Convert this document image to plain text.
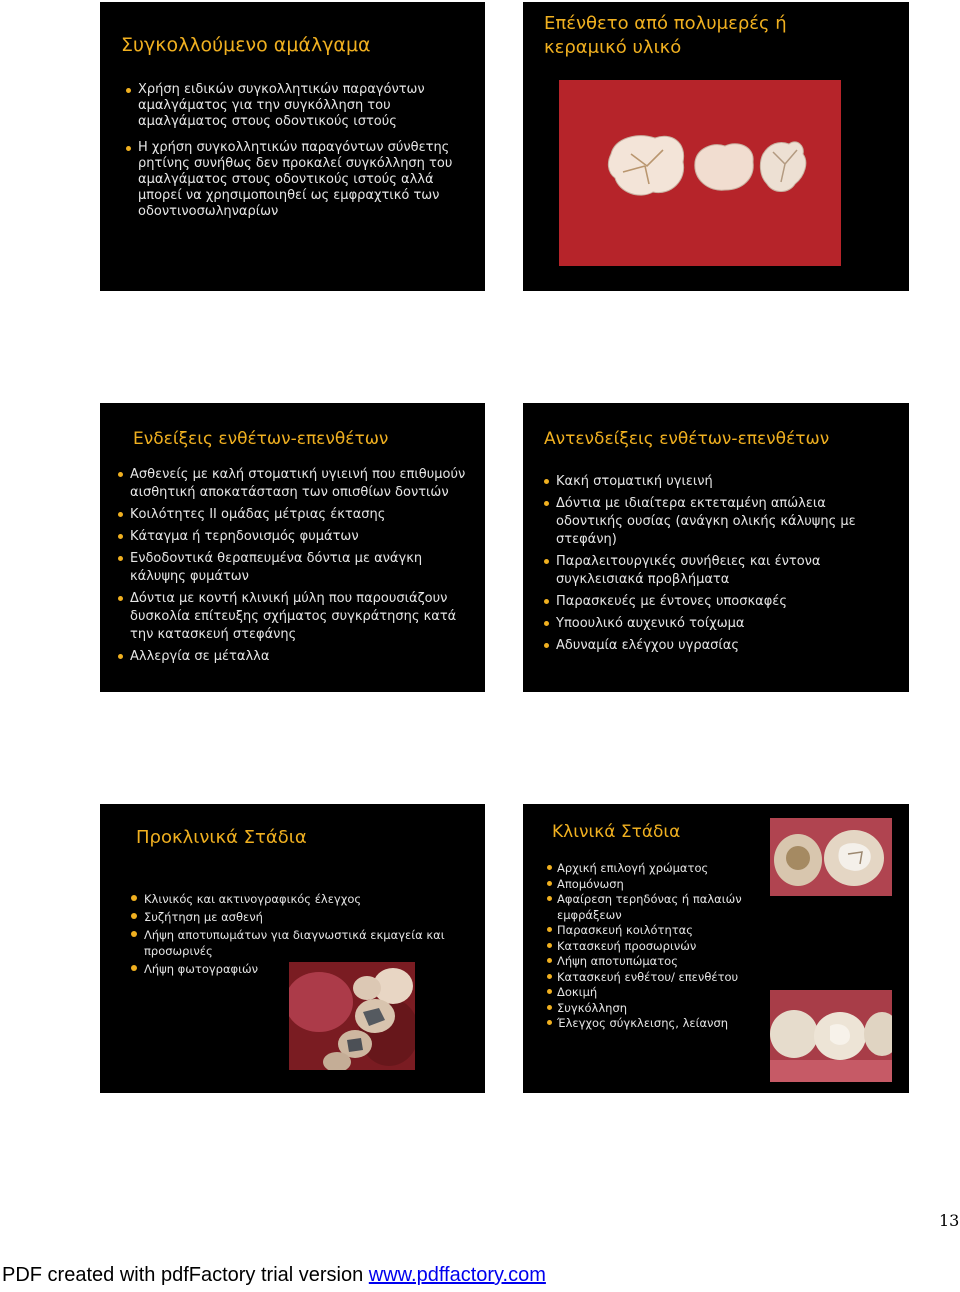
Συγκολλούμενο αμάλγαμα
Χρήση ειδικών συγκολλητικών παραγόντων αμαλγάματος για την συγκόλληση του αμαλγάματος στους οδοντικούς ιστούς
Η χρήση συγκολλητικών παραγόντων σύνθετης ρητίνης συνήθως δεν προκαλεί συγκόλληση του αμαλγάματος στους οδοντικούς ιστούς αλλά μπορεί να χρησιμοποιηθεί ως εμφραχτικό των οδοντινοσωληναρίων
Επένθετο από πολυμερές ή κεραμικό υλικό
Ενδείξεις ενθέτων-επενθέτων
Ασθενείς με καλή στοματική υγιεινή που επιθυμούν αισθητική αποκατάσταση των οπισθίων δοντιών
Κοιλότητες ΙΙ ομάδας μέτριας έκτασης
Κάταγμα ή τερηδονισμός φυμάτων
Ενδοδοντικά θεραπευμένα δόντια με ανάγκη κάλυψης φυμάτων
Δόντια με κοντή κλινική μύλη που παρουσιάζουν δυσκολία επίτευξης σχήματος συγκράτησης κατά την κατασκευή στεφάνης
Αλλεργία σε μέταλλα
Αντενδείξεις ενθέτων-επενθέτων
Κακή στοματική υγιεινή
Δόντια με ιδιαίτερα εκτεταμένη απώλεια οδοντικής ουσίας (ανάγκη ολικής κάλυψης με στεφάνη)
Παραλειτουργικές συνήθειες και έντονα συγκλεισιακά προβλήματα
Παρασκευές με έντονες υποσκαφές
Υποουλικό αυχενικό τοίχωμα
Αδυναμία ελέγχου υγρασίας
Προκλινικά Στάδια
Κλινικός και ακτινογραφικός έλεγχος
Συζήτηση με ασθενή
Λήψη αποτυπωμάτων για διαγνωστικά εκμαγεία και προσωρινές
Λήψη φωτογραφιών
Κλινικά Στάδια
Αρχική επιλογή χρώματος
Απομόνωση
Αφαίρεση τερηδόνας ή παλαιών εμφράξεων
Παρασκευή κοιλότητας
Κατασκευή προσωρινών
Λήψη αποτυπώματος
Κατασκευή ενθέτου/ επενθέτου
Δοκιμή
Συγκόλληση
Έλεγχος σύγκλεισης, λείανση
13
PDF created with pdfFactory trial version www.pdffactory.com
